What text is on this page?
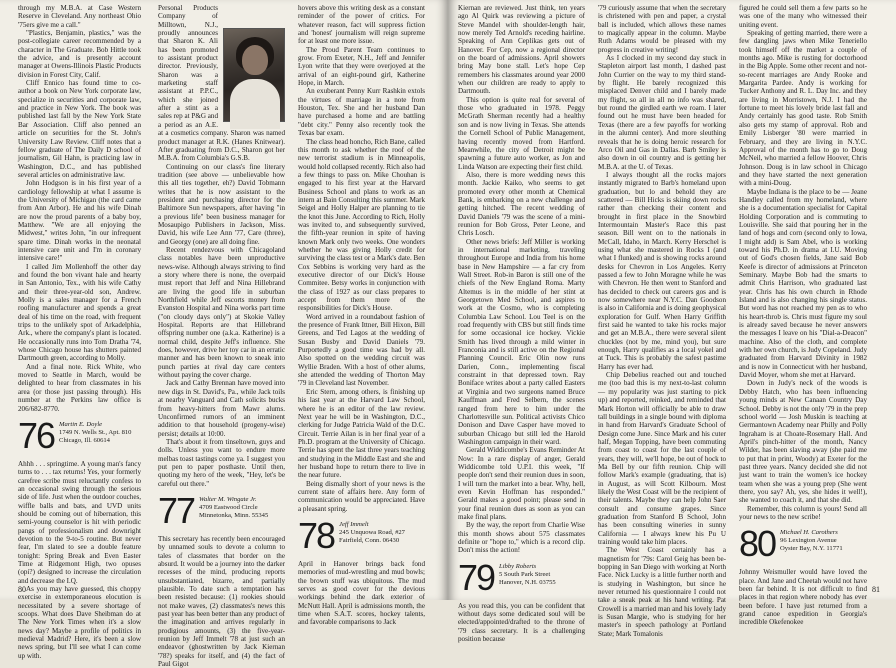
through my M.B.A. at Case Western Reserve in Cleveland. Any northeast Ohio '75ers give me a call."

"Plastics, Benjamin, plastics," was the post-collegiate career recommended by a character in The Graduate. Bob Hittle took the advice, and is presently account manager at Owens-Illinois Plastic Products division in Forest City, Calif.

Cliff Ennico has found time to co-author a book on New York corporate law, specialize in securities and corporate law, and practice in New York. The book was published last fall by the New York State Bar Association. Cliff also penned an article on securities for the St. John's University Law Review. Cliff notes that a fellow graduate of The Daily D school of journalism, Gil Hahn, is practicing law in Washington, D.C., and has published several articles on administrative law.

John Hodgson is in his first year of a cardiology fellowship at what I assume is the University of Michigan (the card came from Ann Arbor). He and his wife Dinah are now the proud parents of a baby boy, Matthew. "We are all enjoying the Midwest," writes John, "in our infrequent spare time. Dinah works in the neonatal intensive care unit and I'm in coronary intensive care!"

I called Jim Mollenhoff the other day and found the bon vivant hale and hearty in San Antonio, Tex., with his wife Cathy and their three-year-old son, Andrew. Molly is a sales manager for a French roofing manufacturer and spends a great deal of his time on the road, with frequent trips to the unlikely spot of Arkadelphia, Ark., where the company's plant is located. He occasionally runs into Tom Dratha '74, whose Chicago house has shutters painted Dartmouth green, according to Molly.

And a final note. Rick White, who moved to Seattle in March, would be delighted to hear from classmates in his area (or those just passing through). His number at the Perkins law office is 206/682-8770.

76 Martin E. Doyle
1749 N. Wells St., Apt. 810
Chicago, Ill. 60614

Ahhh . . . springtime. A young man's fancy turns to . . . tax returns! Yes, your formerly carefree scribe must reluctantly confess to an occasional swing through the serious side of life. Just when the outdoor couches, wiffle balls and bats, and UVD units should be coming out of hibernation, this semi-young counselor is hit with periodic pangs of professionalism and downright devotion to the 9-to-5 routine. But never fear, I'm slated to see a double feature tonight: Spring Break and Even Easter Time at Ridgemont High, two opuses (opi?) designed to increase the circulation and decrease the I.Q.

As you may have guessed, this choppy exercise in extemporaneous elocution is necessitated by a severe shortage of scoops. What does Dave Sheibman do at The New York Times when it's a slow news day? Maybe a profile of politics in medieval Madrid? Here, it's been a slow news spring, but I'll see what I can come up with.

Personal Products Company of Milltown, N.J., proudly announces that Sharon K. Ali has been promoted to assistant product director. Previously, Sharon was a marketing staff assistant at P.P.C., which she joined after a stint as a sales rep at P&G and a period as an A.E. at a cosmetics company. Sharon was named product manager at R.K. (Hanes Knitwear). After graduating from D.C., Sharon got her M.B.A. from Columbia's G.S.B.

Continuing on our class's fine literary tradition (see above — unbelievable how this all ties together, eh?) David Tobmann writes that he is now assistant to the president and purchasing director for the Baltimore Sun newspapers, after having "in a previous life" been business manager for Mosaupigo Publishers in Jackson, Miss. David, his wife Lee Ann '77, Care (three), and Georgy (one) are all doing fine.

Recent rendezvous with Chicagoland class notables have been unproductive news-wise. Although always striving to find a story where there is none, the overpaid must report that Jeff and Nina Hillebrand are living the good life in suburban Northfield while Jeff escorts money from Evanston Hospital and Nina works part time ("on cloudy days only") at Skokie Valley Hospital. Reports are that Hillebrand offspring number one (a.k.a. Katherine) is a normal child, despite Jeff's influence. She does, however, drive her toy car in an erratic manner and has been known to sneak into punch parties at rival day care centers without paying the cover charge.

Jack and Cathy Brennan have moved into new digs in St. David's, Pa., while Jack toils at nearby Vanguard and Cath solicits bucks from heavy-hitters from Mawr alums. Unconfirmed rumors of an imminent addition to that household (progeny-wise) persist; details at 10:00.

That's about it from tinseltown, guys and dolls. Unless you want to endure more melbas toast tastings come ya. I suggest you put pen to paper posthaste. Until then, quoting my hero of the week, "Hey, let's be careful out there."

77 Walter M. Wingate Jr.
4709 Eastwood Circle
Minnetonka, Minn. 55345

This secretary has recently been encouraged by unnamed souls to devote a column to tales of classmates that border on the absurd. It would be a journey into the darker recesses of the mind, producing reports unsubstantiated, bizarre, and partially plausible. To date such a temptation has been resisted because: (1) rookies should not make waves, (2) classmates's news this past year has been better than any product of the imagination and arrives regularly in prodigious amounts, (3) the five-year-reunion by Jeff Immelt '78 at just such an endeavor (ghostwritten by Jack Kiernan '78?) speaks for itself, and (4) the fact of Paul Gigot

hovers above this writing desk as a constant reminder of the power of critics. For whatever reason, fact will suppress fiction and 'honest' journalism will reign supreme for at least one more issue.

The Proud Parent Team continues to grow. From Exeter, N.H., Jeff and Jennifer Lyon write that they were overjoyed at the arrival of an eight-pound girl, Katherine Hope, in March.

An exuberant Penny Kurr Rashkin extols the virtues of marriage in a note from Houston, Tex. She and her husband Dan have purchased a home and are battling "debt city." Penny also recently took the Texas bar exam.

The class head honcho, Rich Bane, called this month to ask whether the roof of the new terrorist stadium is in Minneapolis, would hold collapsed recently. Rich also had a few things to pass on. Mike Chouhan is engaged to his first year at the Harvard Business School and plans to work as an intern at Bain Consulting this summer. Mark Seigel and Holly Halper are planning to tie the knot this June. According to Rich, Holly was invited to, and subsequently survived, the fifth-year reunion in spite of having known Mark only two weeks. One wonders whether he was giving Holly credit for surviving the class test or a Mark's date. Ben Cox Sebbins is working very hard as the executive director of our Dick's House Commitee. Betsy works in conjunction with the class of 1927 as our class prepares to accept from them more of the responsibilities for Dick's House.

Word arrived in a roundabout fashion of the presence of Frank Ittner, Bill Hixon, Bill Greens, and Ted Lagos at the wedding of Susan Busby and David Daniels '79. Purportedly a good time was had by all. Also spotted on the wedding circuit was Wyllie Braden. With a host of other alums, she attended the wedding of Thorton May '79 in Cleveland last November.

Eric Stern, among others, is finishing up his last year at the Harvard Law School, where he is an editor of the law review. Next year he will be in Washington, D.C., clerking for Judge Patricia Wald of the D.C. Circuit. Terrie Ailan is in her final year of a Ph.D. program at the University of Chicago. Terrie has spent the last three years teaching and studying in the Middle East and she and her husband hope to return there to live in the near future.

Being dismally short of your news is the current state of affairs here. Any form of communication would be appreciated. Have a pleasant spring.

78 Jeff Immelt
245 Unquowa Road, #27
Fairfield, Conn. 06430

April in Hanover brings back fond memories of mud-wrestling and mud bowls; the brown stuff was ubiquitous. The mud serves as good cover for the devious workings behind the dark exterior of McNutt Hall. April is admissions month, the time when S.A.T. scores, hockey talents, and favorable comparisons to Jack

80

Kiernan are reviewed. Just think, ten years ago Al Quirk was reviewing a picture of Steve Mandel with shoulder-length hair, now merely Ted Arnold's receding hairline. Speaking of Ann Ceplikas gets out of Hanover. For Cep, now a regional director on the board of admissions. April showers bring May bone stall. Let's hope Cep remembers his classmates around year 2000 when our children are ready to apply to Dartmouth.

This option is quite real for several of those who graduated in 1978. Peggy McGrath Sherman recently had a healthy son and is now living in Texas. She attends the Cornell School of Public Management, having recently moved from Hartford. Meanwhile, the city of Detroit might be spawning a future auto worker, as Jon and Linda Watson are expecting their first child.

Also, there is more wedding news this month. Jackie Kaiko, who seems to get promoted every other month at Chemical Bank, is embarking on a new challenge and getting hitched. The recent wedding of David Daniels '79 was the scene of a mini-reunion for Bob Gross, Peter Leone, and Chris Losch.

Other news briefs: Jeff Miller is working in international marketing, traveling throughout Europe and India from his home base in New Hampshire — a far cry from Wall Street. Rob-in Baron is still one of the chiefs of the New England Roma. Marty Altemus is in the middle of her stint at Georgetown Med School, and aspires to work at the Cosmo, who is completing Columbia Law School. Lou Teel is on the road frequently with CBS but still finds time for some occasional ice hockey. Vickie Smith has lived through a mild winter in Franconia and is still active on the Regional Planning Council. Eric Olin now runs Darien, Conn., implementing fiscal constraint in that depressed town. Ray Boniface writes about a party called Easters at Virginia and two surgeons named Bruce Kauffman and Fred Selbern, the scenes ranged from here to him under the Charlottesville sun. Political activists Chico Donison and Dave Casper have moved to suburban Chicago but still led the Harold Washington campaign in their ward.

Gerald Widdicombe's Evans Reminder At Now: In a rare display of anger, Gerald Widdicombe told U.P.I. this week, "If people don't send their reunion dues in soon, I will turn the market into a bear. Why, hell, even Kevin Hoffman has responded." Gerald makes a good point; please send in your final reunion dues as soon as you can make final plans.

By the way, the report from Charlie Wise this month shows about 575 classmates definite or "hope to," which is a record clip. Don't miss the action!

79 Libby Roberts
5 South Park Street
Hanover, N.H. 03755

As you read this, you can be confident that without days some dedicated soul will be elected/appointed/drafted to the throne of '79 class secretary. It is a challenging position because

'79 curiously assume that when the secretary is christened with pen and paper, a crystal ball is included, which allows these names to magically appear in the column. Maybe Ruth Adams would be pleased with my progress in creative writing!

As I clocked in my second day stuck in Stapleton airport last month, I dashed past John Currier on the way to my third stand-by flight. He barely recognized this misplaced Denver child and I barely made my flight, so all in all no info was shared, but round the girdled earth we roam. I later found out he must have been headed for Texas (there are a few payoffs for working in the alumni center). And more sleuthing reveals that he is doing heroic research for Arco Oil and Gas in Dallas. Barb Smiley is also down in oil country and is getting her M.B.A. at the U. of Texas.

I always thought all the rocks majors instantly migrated to Barb's homeland upon graduation, but lo and behold they are scattered — Bill Hicks is skiing down rocks rather than checking their content and brought in first place in the Snowbird Intermountain Master's Race this past season. Bill went on to the nationals in McCall, Idaho, in March. Kerry Herschel is using what she mastered in Rocks I (and what I flunked) and is showing rocks around desks for Chevron in Los Angeles. Kerry passed a few to John Moragne while he was with Chevron. He then went to Stanford and has decided to check out careers gos and is now somewhere near N.Y.C. Dan Goodson is also in California and is doing geophysical exploration for Gulf. When Harry Griffith first said he wanted to take his rocks major and get an M.B.A., there were several silent chuckles (not by me, mind you), but sure enough, Harry qualifies as a local yokel and at Tuck. This is probably the safest pastime Harry has ever had.

Chip Debelius reached out and touched me (too bad this is my next-to-last column — my popularity was just starting to pick up) and reported, reinked, and reminded that Mark Horton will officially be able to draw tall buildings in a single bound with diploma in hand from Harvard's Graduate School of Design come June. Since Mark and his cuter half, Megan Topping, have been commuting from coast to coast for the last couple of years, they will, we'll hope, be out of hock to Ma Bell by our fifth reunion. Chip will follow Mark's example (graduating, that is) in August, as will Scott Kilbourn. Most likely the West Coast will be the recipient of their talents. Maybe they can help John Saer consult and consume grapes. Since graduation from Stanford B School, John has been consulting wineries in sunny California — I always knew his Pu U training would take him places.

The West Coast certainly has a magnetism for '79s: Carol Geig has been be-bopping in San Diego with working at North Face. Nick Lucky is a little further north and is studying in Washington, but since he never returned his questionnaire I could not take a sneak peak at his hand writing. Pat Crowell is a married man and his lovely lady is Susan Margie, who is studying for her master's in speech pathology at Portland State; Mark Tomalonis

figured he could sell them a few parts so he was one of the many who witnessed their uniting event.

Speaking of getting married, there were a few dangling jaws when Mike Teneriello took himself off the market a couple of months ago. Mike is rusting for doctorhood in the Big Apple. Some other recent and not-so-recent marriages are Andy Rooke and Margarita Pardee. Andy is working for Tucker Anthony and R. L. Day Inc. and they are living in Morristown, N.J. I had the fortune to meet his lovely bride last fall and Andy certainly has good taste. Rob Smith also gets my stamp of approval. Rob and Emily Lisberger '80 were married in February, and they are living in N.Y.C. Approval of the month has to go to Doug McNeil, who married a fellow Hoover, Chris Johnson. Doug is in law school in Chicago and they have started the next generation with a mini-Doug.

Maybe Indiana is the place to be — Jeane Handley called from my homeland, where she is a documentation specialist for Capital Holding Corporation and is commuting to Louisville. She said that pouring her in the land of hogs and corn (second only to Iowa, I might add) is Sam Abel, who is working toward his Ph.D. in drama at I.U. Moving out of God's chosen fields, Jane said Bob Keefe is director of admissions at Princeton Seminary. Maybe Bob had the smarts to admit Chris Harrison, who graduated last year. Chris has his own church in Rhode Island and is also changing his single status. But word has not reached my pen as to who his heart-throb is. Chris must figure my soul is already saved because he never answers the messages I leave on his "Dial-a-Deacon" machine. Also of the cloth, and complete with her own church, is Judy Copeland. Judy graduated from Harvard Divinity in 1982 and is now in Connecticut with her husband, David Moyer, whom she met at Harvard.

Down in Judy's neck of the woods is Debby Hatch, who has been influencing young minds at New Canaan Country Day School. Debby is not the only '79 in the prep school world — Josh Muskin is teaching at Germantown Academy near Philly and Polly Ingraham is at Choate-Rosemary Hall. And April's pinch-hitter of the month, Nancy Wilder, has been slaving away (she paid me to put that in print, Woody) at Exeter for the past three years. Nancy decided she did not just want to train the women's ice hockey team when she was a young prep (She went there, you say? Ah, yes, she hides it well!), she wanted to coach it, and that she did.

Remember, this column is yours! Send all your news to the new scribe!

80 Michael H. Carothers
96 Lexington Avenue
Oyster Bay, N.Y. 11771

Johnny Weismuller would have loved the place. And Jane and Cheetah would not have been far behind. It is not difficult to find places in that region where nobody has ever been before. I have just returned from a grand canoe expedition in Georgia's incredible Okefenokee

81
